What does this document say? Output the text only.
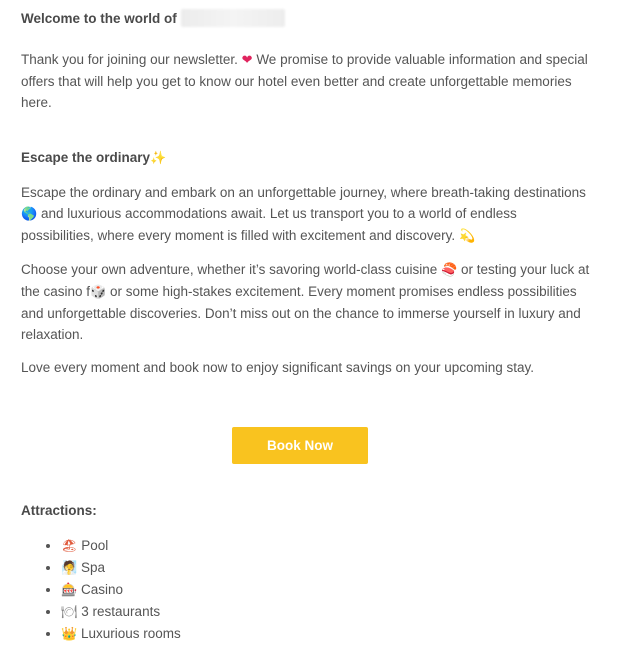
Welcome to the world of

Thank you for joining our newsletter. ❤ We promise to provide valuable information and special offers that will help you get to know our hotel even better and create unforgettable memories here.

Escape the ordinary✨

Escape the ordinary and embark on an unforgettable journey, where breath-taking destinations 🌎 and luxurious accommodations await. Let us transport you to a world of endless possibilities, where every moment is filled with excitement and discovery. 💫

Choose your own adventure, whether it’s savoring world-class cuisine 🍣 or testing your luck at the casino f🎲 or some high-stakes excitement. Every moment promises endless possibilities and unforgettable discoveries. Don’t miss out on the chance to immerse yourself in luxury and relaxation.

Love every moment and book now to enjoy significant savings on your upcoming stay.

Book Now
Attractions:
• 🏖 Pool
• 🧖 Spa
• 🎰 Casino
• 🍽 3 restaurants
• 👑 Luxurious rooms
